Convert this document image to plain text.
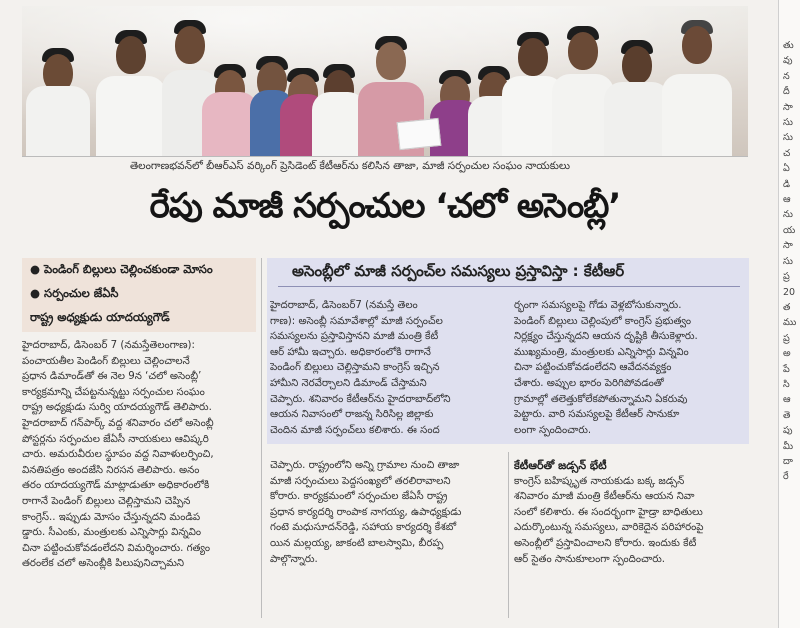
తెలంగాణభవన్‌లో బీఆర్‌ఎస్ వర్కింగ్ ప్రెసిడెంట్ కేటీఆర్‌ను కలిసిన తాజా, మాజీ సర్పంచుల సంఘం నాయకులు
రేపు మాజీ సర్పంచుల ‘చలో అసెంబ్లీ’
● పెండింగ్ బిల్లులు చెల్లించకుండా మోసం
● సర్పంచుల జేఏసీ
రాష్ట్ర అధ్యక్షుడు యాదయ్యగౌడ్

హైదరాబాద్, డిసెంబర్ 7 (నమస్తేతెలంగాణ):

పంచాయతీల పెండింగ్ బిల్లులు చెల్లించాలనే

ప్రధాన డిమాండ్‌తో ఈ నెల 9న ‘చలో అసెంబ్లీ’

కార్యక్రమాన్ని చేపట్టనున్నట్టు సర్పంచుల సంఘం

రాష్ట్ర అధ్యక్షుడు సుర్వి యాదయ్యగౌడ్ తెలిపారు.

హైదరాబాద్ గన్‌పార్క్ వద్ద శనివారం చలో అసెంబ్లీ

పోస్టర్లను సర్పంచుల జేఏసీ నాయకులు ఆవిష్కరి

చారు. అమరువీరుల స్థూపం వద్ద నివాళులర్పించి,

వినతిపత్రం అందజేసి నిరసన తెలిపారు. అనం

తరం యాదయ్యగౌడ్ మాట్లాడుతూ అధికారంలోకి

రాగానే పెండింగ్ బిల్లులు చెల్లిస్తామని చెప్పిన

కాంగ్రెస్.. ఇప్పుడు మోసం చేస్తున్నదని మండిప

డ్డారు. సీఎంకు, మంత్రులకు ఎన్నిసార్లు విన్నవిం

చినా పట్టించుకోవడంలేదని విమర్శించారు. గత్యం

తరంలేక చలో అసెంబ్లీకి పిలుపునిచ్చామని

అసెంబ్లీలో మాజీ సర్పంచ్‌ల సమస్యలు ప్రస్తావిస్తా : కేటీఆర్

హైదరాబాద్, డిసెంబర్7 (నమస్తే తెలం

గాణ): అసెంబ్లీ సమావేశాల్లో మాజీ సర్పంచ్‌ల

సమస్యలను ప్రస్తావిస్తానని మాజీ మంత్రి కేటీ

ఆర్ హామీ ఇచ్చారు. అధికారంలోకి రాగానే

పెండింగ్ బిల్లులు చెల్లిస్తామని కాంగ్రెస్ ఇచ్చిన

హామీని నెరవేర్చాలని డిమాండ్ చేస్తామని

చెప్పారు. శనివారం కేటీఆర్‌ను హైదరాబాద్‌లోని

ఆయన నివాసంలో రాజన్న సిరిసిల్ల జిల్లాకు

చెందిన మాజీ సర్పంచ్‌లు కలిశారు. ఈ సంద

ర్భంగా సమస్యలపై గోడు వెళ్లబోసుకున్నారు.

పెండింగ్ బిల్లులు చెల్లింపులో కాంగ్రెస్ ప్రభుత్వం

నిర్లక్ష్యం చేస్తున్నదని ఆయన దృష్టికి తీసుకెళ్లారు.

ముఖ్యమంత్రి, మంత్రులకు ఎన్నిసార్లు విన్నవిం

చినా పట్టించుకోవడంలేదని ఆవేదనవ్యక్తం

చేశారు. అప్పుల భారం పెరిగిపోవడంతో

గ్రామాల్లో తలెత్తుకోలేకపోతున్నామని ఏకరువు

పెట్టారు. వారి సమస్యలపై కేటీఆర్ సానుకూ

లంగా స్పందించారు.

చెప్పారు. రాష్ట్రంలోని అన్ని గ్రామాల నుంచి తాజా

మాజీ సర్పంచులు పెద్దసంఖ్యలో తరలిరావాలని

కోరారు. కార్యక్రమంలో సర్పంచుల జేఏసీ రాష్ట్ర

ప్రధాన కార్యదర్శి రాంపాక నాగయ్య, ఉపాధ్యక్షుడు

గంటె మధుసూదన్‌రెడ్డి, సహాయ కార్యదర్శి కేశబో

యిన మల్లయ్య, జాకంటి బాలస్వామి, బీరప్ప

పాల్గొన్నారు.

కేటీఆర్‌తో జడ్సన్ భేటీ

కాంగ్రెస్ బహిష్కృత నాయకుడు బక్క జడ్సన్

శనివారం మాజీ మంత్రి కేటీఆర్‌ను ఆయన నివా

సంలో కలిశారు. ఈ సందర్భంగా హైడ్రా బాధితులు

ఎదుర్కొంటున్న సమస్యలు, వారికెదైన పరిహారంపై

అసెంబ్లీలో ప్రస్తావించాలని కోరారు. ఇందుకు కేటీ

ఆర్ సైతం సానుకూలంగా స్పందించారు.

తు

వు

న

దీ

సా

సు

సు

చ

ఏ

డి

ఆ

ను

య

సా

సు

ప్ర

20

త

ము

ప్ర

అ

పే

సి

ఆ

తె

పు

మీ

దా

రే
